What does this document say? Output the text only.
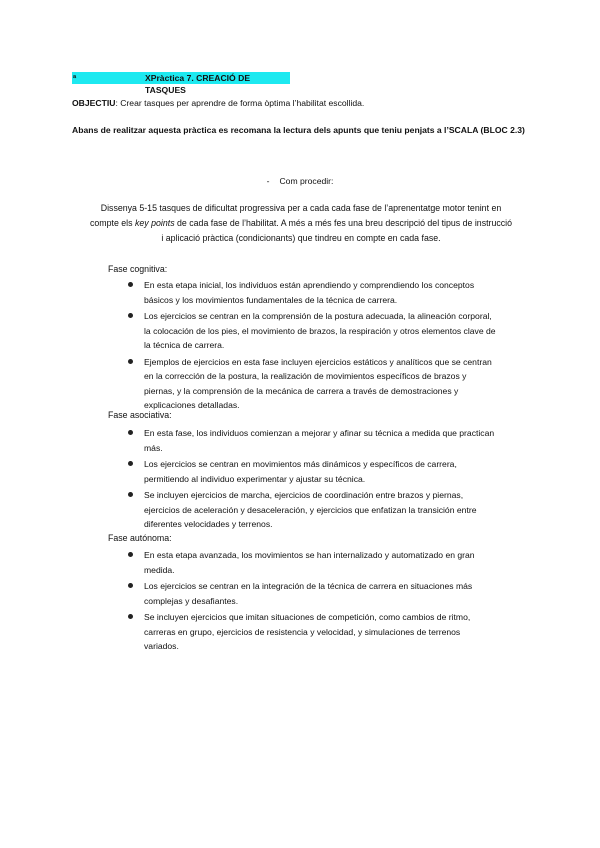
ª	XPràctica 7. CREACIÓ DE TASQUES
OBJECTIU: Crear tasques per aprendre de forma òptima l’habilitat escollida.
Abans de realitzar aquesta pràctica es recomana la lectura dels apunts que teniu penjats a l’SCALA (BLOC 2.3)
- Com procedir:
Dissenya 5-15 tasques de dificultat progressiva per a cada cada fase de l’aprenentatge motor tenint en
compte els key points de cada fase de l’habilitat. A més a més fes una breu descripció del tipus de instrucció
i aplicació pràctica (condicionants) que tindreu en compte en cada fase.
Fase cognitiva:
En esta etapa inicial, los individuos están aprendiendo y comprendiendo los conceptos
básicos y los movimientos fundamentales de la técnica de carrera.
Los ejercicios se centran en la comprensión de la postura adecuada, la alineación corporal,
la colocación de los pies, el movimiento de brazos, la respiración y otros elementos clave de
la técnica de carrera.
Ejemplos de ejercicios en esta fase incluyen ejercicios estáticos y analíticos que se centran
en la corrección de la postura, la realización de movimientos específicos de brazos y
piernas, y la comprensión de la mecánica de carrera a través de demostraciones y
explicaciones detalladas.
Fase asociativa:
En esta fase, los individuos comienzan a mejorar y afinar su técnica a medida que practican
más.
Los ejercicios se centran en movimientos más dinámicos y específicos de carrera,
permitiendo al individuo experimentar y ajustar su técnica.
Se incluyen ejercicios de marcha, ejercicios de coordinación entre brazos y piernas,
ejercicios de aceleración y desaceleración, y ejercicios que enfatizan la transición entre
diferentes velocidades y terrenos.
Fase autónoma:
En esta etapa avanzada, los movimientos se han internalizado y automatizado en gran
medida.
Los ejercicios se centran en la integración de la técnica de carrera en situaciones más
complejas y desafiantes.
Se incluyen ejercicios que imitan situaciones de competición, como cambios de ritmo,
carreras en grupo, ejercicios de resistencia y velocidad, y simulaciones de terrenos
variados.
